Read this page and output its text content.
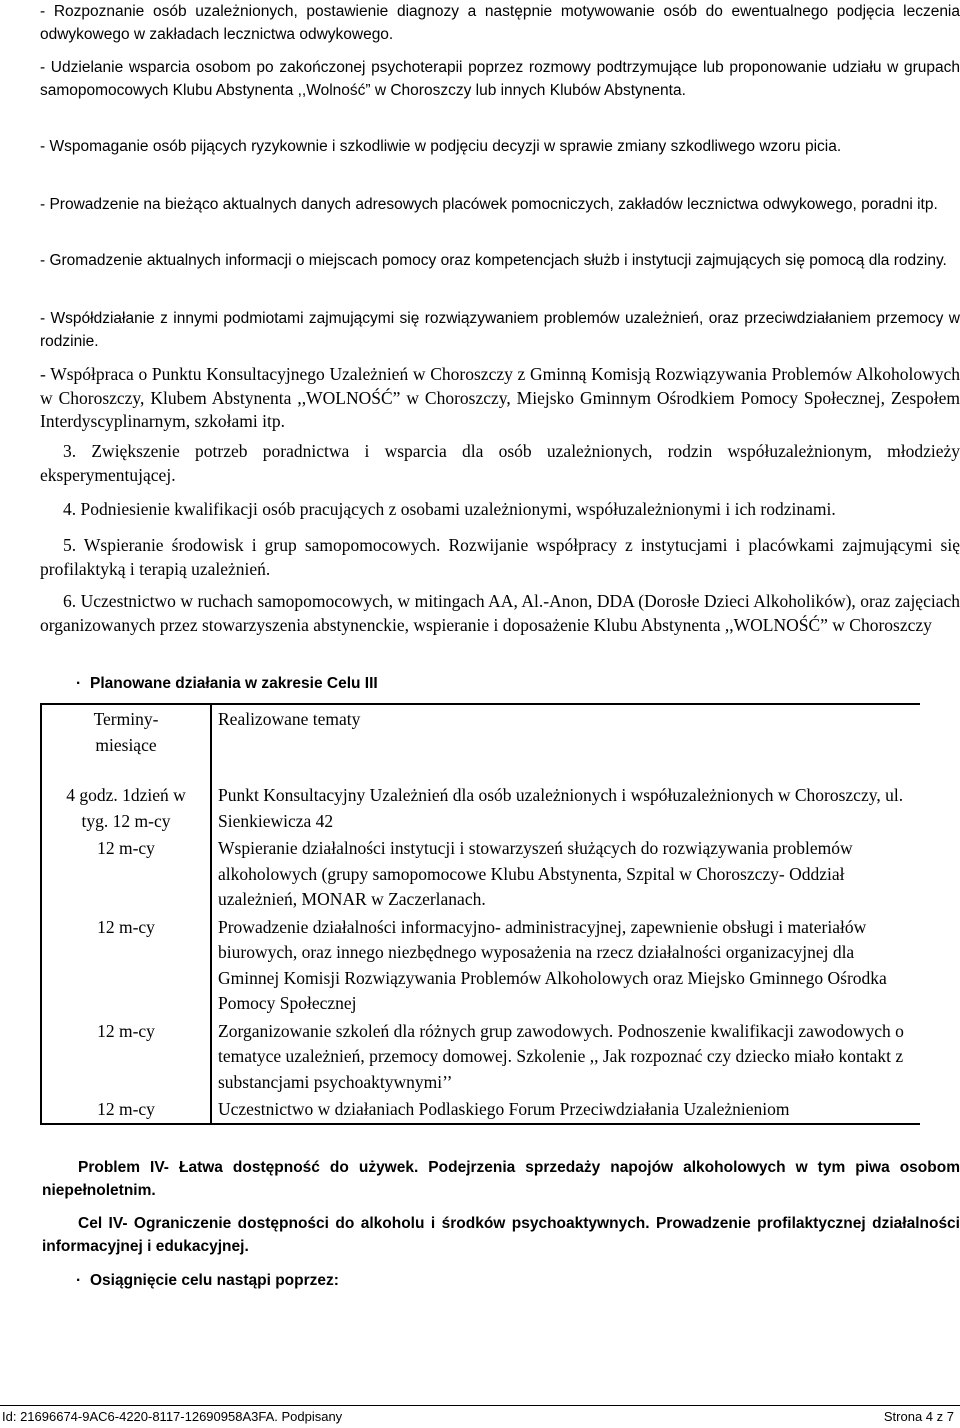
- Rozpoznanie osób uzależnionych, postawienie diagnozy a następnie motywowanie osób do ewentualnego podjęcia leczenia odwykowego w zakładach lecznictwa odwykowego.

- Udzielanie wsparcia osobom po zakończonej psychoterapii poprzez rozmowy podtrzymujące lub proponowanie udziału w grupach samopomocowych Klubu Abstynenta ,,Wolność” w Choroszczy lub innych Klubów Abstynenta.

- Wspomaganie osób pijących ryzykownie i szkodliwie w podjęciu decyzji w sprawie zmiany szkodliwego wzoru picia.

- Prowadzenie na bieżąco aktualnych danych adresowych placówek pomocniczych, zakładów lecznictwa odwykowego, poradni itp.

- Gromadzenie aktualnych informacji o miejscach pomocy oraz kompetencjach służb i instytucji zajmujących się pomocą dla rodziny.

- Współdziałanie z innymi podmiotami zajmującymi się rozwiązywaniem problemów uzależnień, oraz przeciwdziałaniem przemocy w rodzinie.

- Współpraca o Punktu Konsultacyjnego Uzależnień w Choroszczy z Gminną Komisją Rozwiązywania Problemów Alkoholowych w Choroszczy, Klubem Abstynenta ,,WOLNOŚĆ” w Choroszczy, Miejsko Gminnym Ośrodkiem Pomocy Społecznej, Zespołem Interdyscyplinarnym, szkołami itp.

3. Zwiększenie potrzeb poradnictwa i wsparcia dla osób uzależnionych, rodzin współuzależnionym, młodzieży eksperymentującej.

4. Podniesienie kwalifikacji osób pracujących z osobami uzależnionymi, współuzależnionymi i ich rodzinami.

5. Wspieranie środowisk i grup samopomocowych. Rozwijanie współpracy z instytucjami i placówkami zajmującymi się profilaktyką i terapią uzależnień.

6. Uczestnictwo w ruchach samopomocowych, w mitingach AA, Al.-Anon, DDA (Dorosłe Dzieci Alkoholików), oraz zajęciach organizowanych przez stowarzyszenia abstynenckie, wspieranie i doposażenie Klubu Abstynenta ,,WOLNOŚĆ” w Choroszczy

· Planowane działania w zakresie Celu III

Terminy-miesiące	Realizowane tematy
4 godz. 1dzień w tyg. 12 m-cy	Punkt Konsultacyjny Uzależnień dla osób uzależnionych i współuzależnionych w Choroszczy, ul. Sienkiewicza 42
12 m-cy	Wspieranie działalności instytucji i stowarzyszeń służących do rozwiązywania problemów alkoholowych (grupy samopomocowe Klubu Abstynenta, Szpital w Choroszczy- Oddział uzależnień, MONAR w Zaczerlanach.
12 m-cy	Prowadzenie działalności informacyjno- administracyjnej, zapewnienie obsługi i materiałów biurowych, oraz innego niezbędnego wyposażenia na rzecz działalności organizacyjnej dla Gminnej Komisji Rozwiązywania Problemów Alkoholowych oraz Miejsko Gminnego Ośrodka Pomocy Społecznej
12 m-cy	Zorganizowanie szkoleń dla różnych grup zawodowych. Podnoszenie kwalifikacji zawodowych o tematyce uzależnień, przemocy domowej. Szkolenie ,, Jak rozpoznać czy dziecko miało kontakt z substancjami psychoaktywnymi’’
12 m-cy	Uczestnictwo w działaniach Podlaskiego Forum Przeciwdziałania Uzależnieniom

Problem IV- Łatwa dostępność do używek. Podejrzenia sprzedaży napojów alkoholowych w tym piwa osobom niepełnoletnim.

Cel IV- Ograniczenie dostępności do alkoholu i środków psychoaktywnych. Prowadzenie profilaktycznej działalności informacyjnej i edukacyjnej.

· Osiągnięcie celu nastąpi poprzez:

Id: 21696674-9AC6-4220-8117-12690958A3FA. Podpisany	Strona 4 z 7
